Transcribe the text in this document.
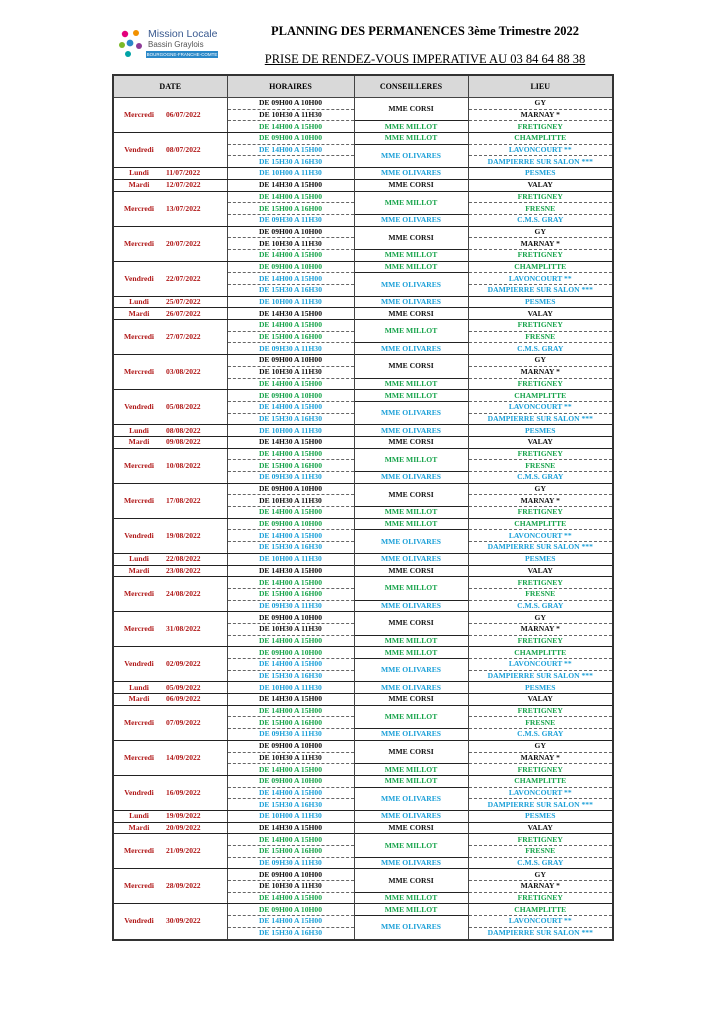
Mission Locale
Bassin Graylois
BOURGOGNE-FRANCHE-COMTE
PLANNING DES PERMANENCES 3ème Trimestre 2022
PRISE DE RENDEZ-VOUS IMPERATIVE AU 03 84 64 88 38
DATE	HORAIRES	CONSEILLERES	LIEU
Mercredi 06/07/2022	DE 09H00 A 10H00	MME CORSI	GY
	DE 10H30 A 11H30		MARNAY *
	DE 14H00 A 15H00	MME MILLOT	FRETIGNEY
Vendredi 08/07/2022	DE 09H00 A 10H00	MME MILLOT	CHAMPLITTE
	DE 14H00 A 15H00	MME OLIVARES	LAVONCOURT **
	DE 15H30 A 16H30		DAMPIERRE SUR SALON ***
Lundi 11/07/2022	DE 10H00 A 11H30	MME OLIVARES	PESMES
Mardi 12/07/2022	DE 14H30 A 15H00	MME CORSI	VALAY
Mercredi 13/07/2022	DE 14H00 A 15H00	MME MILLOT	FRETIGNEY
	DE 15H00 A 16H00		FRESNE
	DE 09H30 A 11H30	MME OLIVARES	C.M.S. GRAY
Mercredi 20/07/2022	DE 09H00 A 10H00	MME CORSI	GY
	DE 10H30 A 11H30		MARNAY *
	DE 14H00 A 15H00	MME MILLOT	FRETIGNEY
Vendredi 22/07/2022	DE 09H00 A 10H00	MME MILLOT	CHAMPLITTE
	DE 14H00 A 15H00	MME OLIVARES	LAVONCOURT **
	DE 15H30 A 16H30		DAMPIERRE SUR SALON ***
Lundi 25/07/2022	DE 10H00 A 11H30	MME OLIVARES	PESMES
Mardi 26/07/2022	DE 14H30 A 15H00	MME CORSI	VALAY
Mercredi 27/07/2022	DE 14H00 A 15H00	MME MILLOT	FRETIGNEY
	DE 15H00 A 16H00		FRESNE
	DE 09H30 A 11H30	MME OLIVARES	C.M.S. GRAY
Mercredi 03/08/2022	DE 09H00 A 10H00	MME CORSI	GY
	DE 10H30 A 11H30		MARNAY *
	DE 14H00 A 15H00	MME MILLOT	FRETIGNEY
Vendredi 05/08/2022	DE 09H00 A 10H00	MME MILLOT	CHAMPLITTE
	DE 14H00 A 15H00	MME OLIVARES	LAVONCOURT **
	DE 15H30 A 16H30		DAMPIERRE SUR SALON ***
Lundi 08/08/2022	DE 10H00 A 11H30	MME OLIVARES	PESMES
Mardi 09/08/2022	DE 14H30 A 15H00	MME CORSI	VALAY
Mercredi 10/08/2022	DE 14H00 A 15H00	MME MILLOT	FRETIGNEY
	DE 15H00 A 16H00		FRESNE
	DE 09H30 A 11H30	MME OLIVARES	C.M.S. GRAY
Mercredi 17/08/2022	DE 09H00 A 10H00	MME CORSI	GY
	DE 10H30 A 11H30		MARNAY *
	DE 14H00 A 15H00	MME MILLOT	FRETIGNEY
Vendredi 19/08/2022	DE 09H00 A 10H00	MME MILLOT	CHAMPLITTE
	DE 14H00 A 15H00	MME OLIVARES	LAVONCOURT **
	DE 15H30 A 16H30		DAMPIERRE SUR SALON ***
Lundi 22/08/2022	DE 10H00 A 11H30	MME OLIVARES	PESMES
Mardi 23/08/2022	DE 14H30 A 15H00	MME CORSI	VALAY
Mercredi 24/08/2022	DE 14H00 A 15H00	MME MILLOT	FRETIGNEY
	DE 15H00 A 16H00		FRESNE
	DE 09H30 A 11H30	MME OLIVARES	C.M.S. GRAY
Mercredi 31/08/2022	DE 09H00 A 10H00	MME CORSI	GY
	DE 10H30 A 11H30		MARNAY *
	DE 14H00 A 15H00	MME MILLOT	FRETIGNEY
Vendredi 02/09/2022	DE 09H00 A 10H00	MME MILLOT	CHAMPLITTE
	DE 14H00 A 15H00	MME OLIVARES	LAVONCOURT **
	DE 15H30 A 16H30		DAMPIERRE SUR SALON ***
Lundi 05/09/2022	DE 10H00 A 11H30	MME OLIVARES	PESMES
Mardi 06/09/2022	DE 14H30 A 15H00	MME CORSI	VALAY
Mercredi 07/09/2022	DE 14H00 A 15H00	MME MILLOT	FRETIGNEY
	DE 15H00 A 16H00		FRESNE
	DE 09H30 A 11H30	MME OLIVARES	C.M.S. GRAY
Mercredi 14/09/2022	DE 09H00 A 10H00	MME CORSI	GY
	DE 10H30 A 11H30		MARNAY *
	DE 14H00 A 15H00	MME MILLOT	FRETIGNEY
Vendredi 16/09/2022	DE 09H00 A 10H00	MME MILLOT	CHAMPLITTE
	DE 14H00 A 15H00	MME OLIVARES	LAVONCOURT **
	DE 15H30 A 16H30		DAMPIERRE SUR SALON ***
Lundi 19/09/2022	DE 10H00 A 11H30	MME OLIVARES	PESMES
Mardi 20/09/2022	DE 14H30 A 15H00	MME CORSI	VALAY
Mercredi 21/09/2022	DE 14H00 A 15H00	MME MILLOT	FRETIGNEY
	DE 15H00 A 16H00		FRESNE
	DE 09H30 A 11H30	MME OLIVARES	C.M.S. GRAY
Mercredi 28/09/2022	DE 09H00 A 10H00	MME CORSI	GY
	DE 10H30 A 11H30		MARNAY *
	DE 14H00 A 15H00	MME MILLOT	FRETIGNEY
Vendredi 30/09/2022	DE 09H00 A 10H00	MME MILLOT	CHAMPLITTE
	DE 14H00 A 15H00	MME OLIVARES	LAVONCOURT **
	DE 15H30 A 16H30		DAMPIERRE SUR SALON ***
